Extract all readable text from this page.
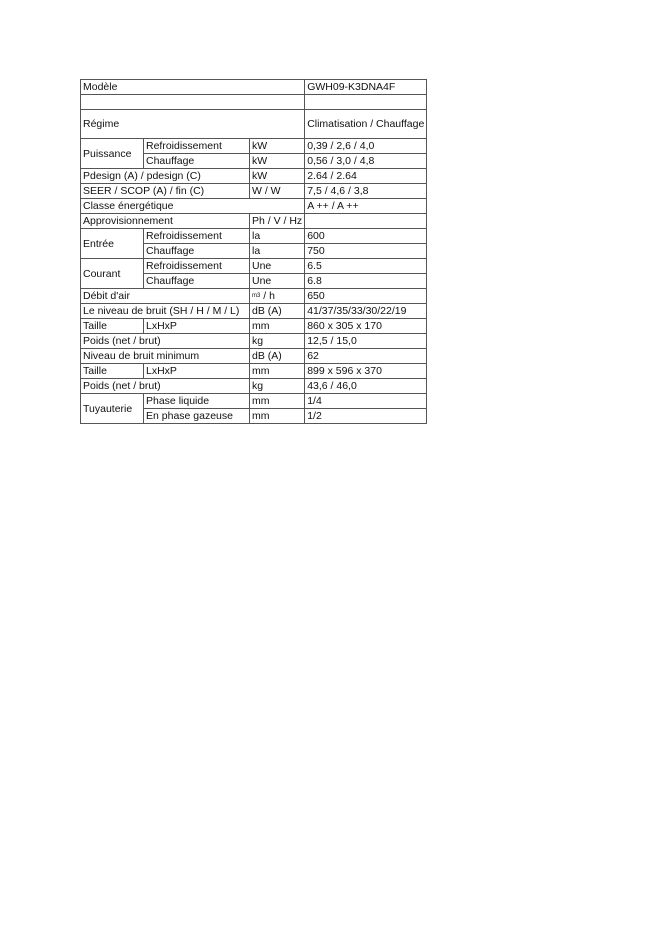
Modèle			GWH09-K3DNA4F

Régime			Climatisation / Chauffage
Puissance	Refroidissement	kW	0,39 / 2,6 / 4,0
	Chauffage	kW	0,56 / 3,0 / 4,8
Pdesign (A) / pdesign (C)		kW	2.64 / 2.64
SEER / SCOP (A) / fin (C)		W / W	7,5 / 4,6 / 3,8
Classe énergétique			A ++ / A ++
Approvisionnement		Ph / V / Hz	
Entrée	Refroidissement	la	600
	Chauffage	la	750
Courant	Refroidissement	Une	6.5
	Chauffage	Une	6.8
Débit d'air		$^{m3}$ / h	650
Le niveau de bruit (SH / H / M / L)		dB (A)	41/37/35/33/30/22/19
Taille	LxHxP	mm	860 x 305 x 170
Poids (net / brut)		kg	12,5 / 15,0
Niveau de bruit minimum		dB (A)	62
Taille	LxHxP	mm	899 x 596 x 370
Poids (net / brut)		kg	43,6 / 46,0
Tuyauterie	Phase liquide	mm	1/4
	En phase gazeuse	mm	1/2
